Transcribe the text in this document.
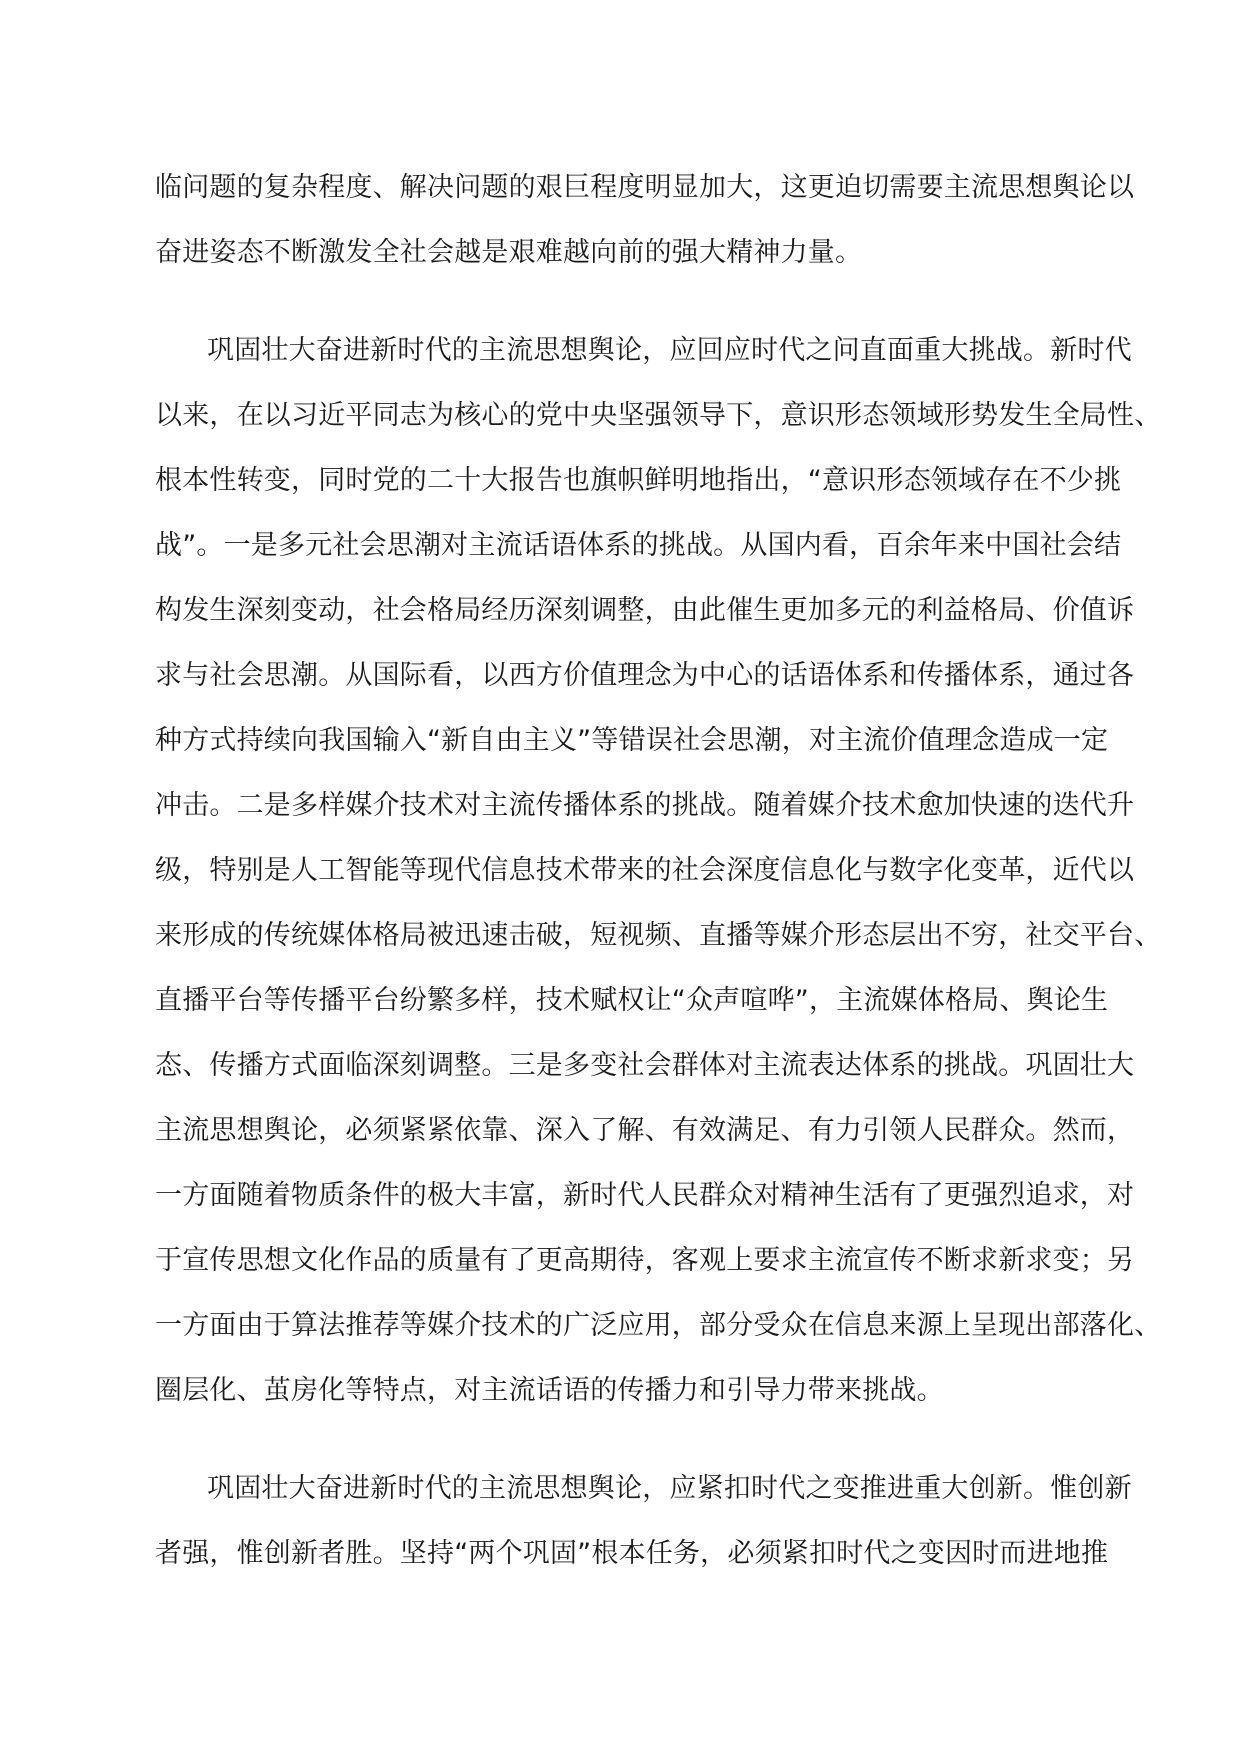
临问题的复杂程度、解决问题的艰巨程度明显加大，这更迫切需要主流思想舆论以
奋进姿态不断激发全社会越是艰难越向前的强大精神力量。
巩固壮大奋进新时代的主流思想舆论，应回应时代之问直面重大挑战。新时代
以来，在以习近平同志为核心的党中央坚强领导下，意识形态领域形势发生全局性、
根本性转变，同时党的二十大报告也旗帜鲜明地指出，“意识形态领域存在不少挑
战”。一是多元社会思潮对主流话语体系的挑战。从国内看，百余年来中国社会结
构发生深刻变动，社会格局经历深刻调整，由此催生更加多元的利益格局、价值诉
求与社会思潮。从国际看，以西方价值理念为中心的话语体系和传播体系，通过各
种方式持续向我国输入“新自由主义”等错误社会思潮，对主流价值理念造成一定
冲击。二是多样媒介技术对主流传播体系的挑战。随着媒介技术愈加快速的迭代升
级，特别是人工智能等现代信息技术带来的社会深度信息化与数字化变革，近代以
来形成的传统媒体格局被迅速击破，短视频、直播等媒介形态层出不穷，社交平台、
直播平台等传播平台纷繁多样，技术赋权让“众声喧哗”，主流媒体格局、舆论生
态、传播方式面临深刻调整。三是多变社会群体对主流表达体系的挑战。巩固壮大
主流思想舆论，必须紧紧依靠、深入了解、有效满足、有力引领人民群众。然而，
一方面随着物质条件的极大丰富，新时代人民群众对精神生活有了更强烈追求，对
于宣传思想文化作品的质量有了更高期待，客观上要求主流宣传不断求新求变；另
一方面由于算法推荐等媒介技术的广泛应用，部分受众在信息来源上呈现出部落化、
圈层化、茧房化等特点，对主流话语的传播力和引导力带来挑战。
巩固壮大奋进新时代的主流思想舆论，应紧扣时代之变推进重大创新。惟创新
者强，惟创新者胜。坚持“两个巩固”根本任务，必须紧扣时代之变因时而进地推
